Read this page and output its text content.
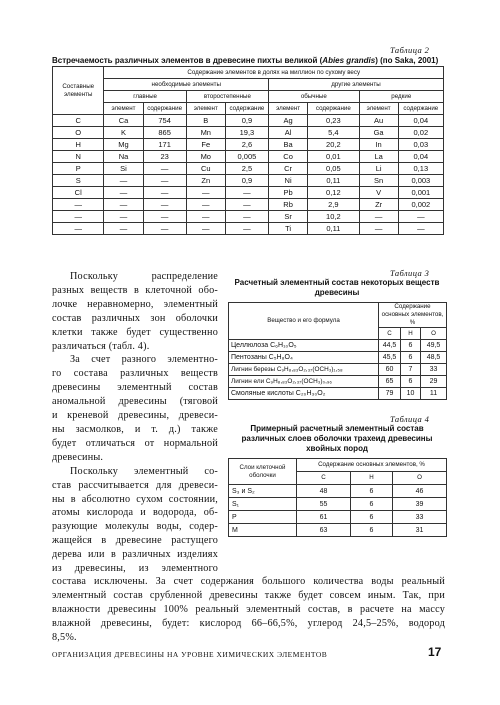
Таблица 2
Встречаемость различных элементов в древесине пихты великой (Abies grandis) (по Saka, 2001)
Составные элементы	Содержание элементов в долях на миллион по сухому весу							
	необходимые элементы				другие элементы			
	главные		второстепенные		обычные		редкие	
	элемент	содержание	элемент	содержание	элемент	содержание	элемент	содержание
C	Ca	754	B	0,9	Ag	0,23	Au	0,04
O	K	865	Mn	19,3	Al	5,4	Ga	0,02
H	Mg	171	Fe	2,6	Ba	20,2	In	0,03
N	Na	23	Mo	0,005	Co	0,01	La	0,04
P	Si	—	Cu	2,5	Cr	0,05	Li	0,13
S	—	—	Zn	0,9	Ni	0,11	Sn	0,003
Cl	—	—	—	—	Pb	0,12	V	0,001
—	—	—	—	—	Rb	2,9	Zr	0,002
—	—	—	—	—	Sr	10,2	—	—
—	—	—	—	—	Ti	0,11	—	—
Таблица 3
Расчетный элементный состав некоторых веществ древесины
Вещество и его формула	Содержание основных элементов, %		
	C	H	O
Целлюлоза C₆H₁₀O₅	44,5	6	49,5
Пентозаны C₅H₈O₄	45,5	6	48,5
Лигнин березы C₉H₈,₈₃O₂,₃₇(OCH₃)₁,₅₈	60	7	33
Лигнин ели C₉H₈,₈₃O₂,₃₇(OCH₃)₀,₉₆	65	6	29
Смоляные кислоты C₂₀H₃₀O₂	79	10	11
Таблица 4
Примерный расчетный элементный состав различных слоев оболочки трахеид древесины хвойных пород
Слои клеточной оболочки	Содержание основных элементов, %		
	C	H	O
S₃ и S₂	48	6	46
S₁	55	6	39
P	61	6	33
M	63	6	31
Поскольку распределение
разных веществ в клеточной обо-
лочке неравномерно, элементный
состав различных зон оболочки
клетки также будет существенно
различаться (табл. 4).
За счет разного элементно-
го состава различных веществ
древесины элементный состав
аномальной древесины (тяговой
и креневой древесины, древеси-
ны засмолков, и т. д.) также
будет отличаться от нормальной
древесины.
Поскольку элементный со-
став рассчитывается для древеси-
ны в абсолютно сухом состоянии,
атомы кислорода и водорода, об-
разующие молекулы воды, содер-
жащейся в древесине растущего
дерева или в различных изделиях
из древесины, из элементного
состава исключены. За счет содержания большого количества воды реальный
элементный состав срубленной древесины также будет совсем иным. Так, при
влажности древесины 100% реальный элементный состав, в расчете на массу
влажной древесины, будет: кислород 66–66,5%, углерод 24,5–25%, водород
8,5%.
ОРГАНИЗАЦИЯ ДРЕВЕСИНЫ НА УРОВНЕ ХИМИЧЕСКИХ ЭЛЕМЕНТОВ	17
